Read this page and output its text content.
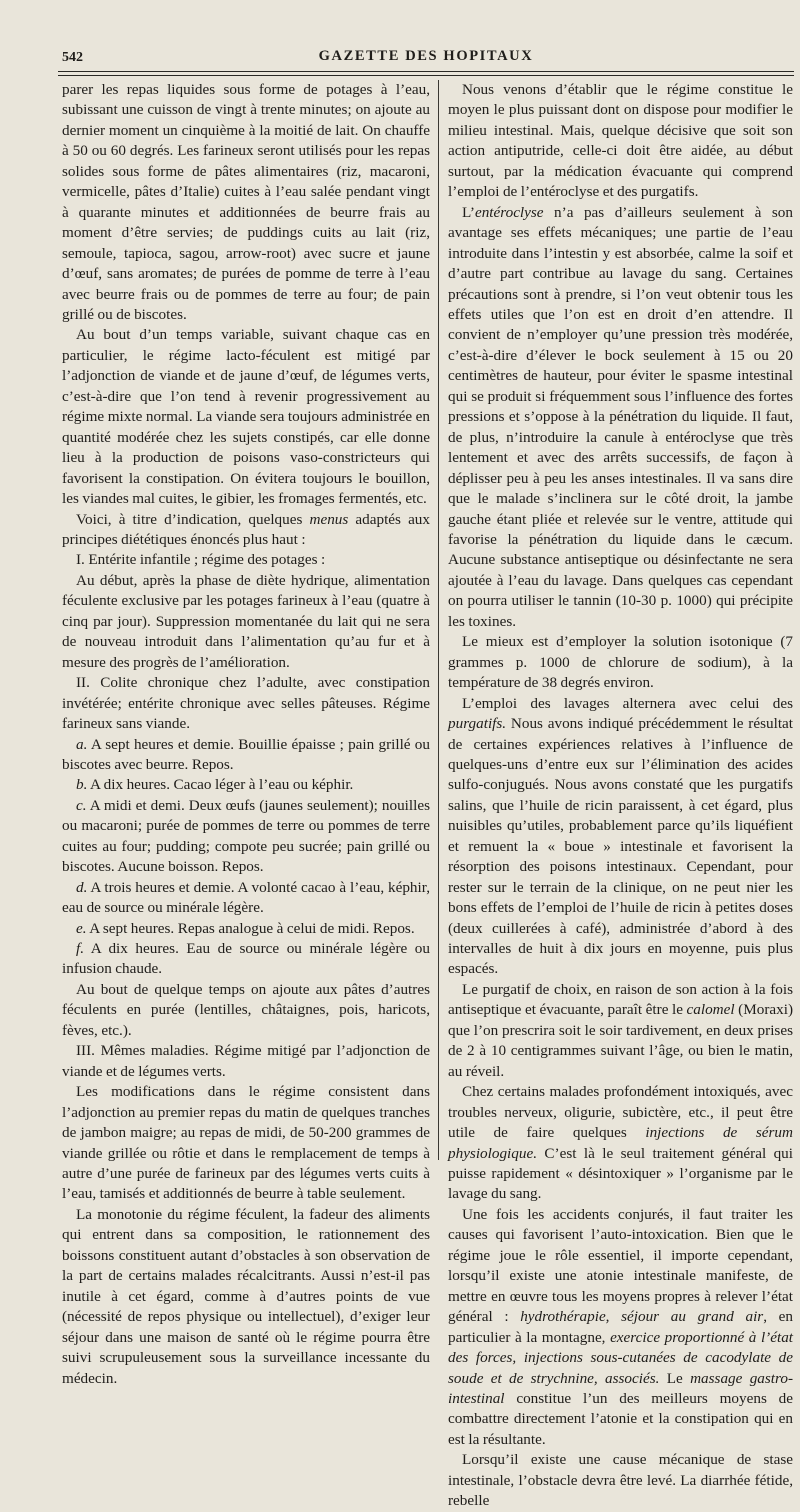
542	GAZETTE DES HOPITAUX

parer les repas liquides sous forme de potages à l’eau, subissant une cuisson de vingt à trente minutes; on ajoute au dernier moment un cinquième à la moitié de lait. On chauffe à 50 ou 60 degrés. Les farineux seront utilisés pour les repas solides sous forme de pâtes alimentaires (riz, macaroni, vermicelle, pâtes d’Italie) cuites à l’eau salée pendant vingt à quarante minutes et additionnées de beurre frais au moment d’être servies; de puddings cuits au lait (riz, semoule, tapioca, sagou, arrow-root) avec sucre et jaune d’œuf, sans aromates; de purées de pomme de terre à l’eau avec beurre frais ou de pommes de terre au four; de pain grillé ou de biscotes.

Au bout d’un temps variable, suivant chaque cas en particulier, le régime lacto-féculent est mitigé par l’adjonction de viande et de jaune d’œuf, de légumes verts, c’est-à-dire que l’on tend à revenir progressivement au régime mixte normal. La viande sera toujours administrée en quantité modérée chez les sujets constipés, car elle donne lieu à la production de poisons vaso-constricteurs qui favorisent la constipation. On évitera toujours le bouillon, les viandes mal cuites, le gibier, les fromages fermentés, etc.

Voici, à titre d’indication, quelques menus adaptés aux principes diététiques énoncés plus haut :

I. Entérite infantile ; régime des potages :

Au début, après la phase de diète hydrique, alimentation féculente exclusive par les potages farineux à l’eau (quatre à cinq par jour). Suppression momentanée du lait qui ne sera de nouveau introduit dans l’alimentation qu’au fur et à mesure des progrès de l’amélioration.

II. Colite chronique chez l’adulte, avec constipation invétérée; entérite chronique avec selles pâteuses. Régime farineux sans viande.

a. A sept heures et demie. Bouillie épaisse ; pain grillé ou biscotes avec beurre. Repos.

b. A dix heures. Cacao léger à l’eau ou képhir.

c. A midi et demi. Deux œufs (jaunes seulement); nouilles ou macaroni; purée de pommes de terre ou pommes de terre cuites au four; pudding; compote peu sucrée; pain grillé ou biscotes. Aucune boisson. Repos.

d. A trois heures et demie. A volonté cacao à l’eau, képhir, eau de source ou minérale légère.

e. A sept heures. Repas analogue à celui de midi. Repos.

f. A dix heures. Eau de source ou minérale légère ou infusion chaude.

Au bout de quelque temps on ajoute aux pâtes d’autres féculents en purée (lentilles, châtaignes, pois, haricots, fèves, etc.).

III. Mêmes maladies. Régime mitigé par l’adjonction de viande et de légumes verts.

Les modifications dans le régime consistent dans l’adjonction au premier repas du matin de quelques tranches de jambon maigre; au repas de midi, de 50-200 grammes de viande grillée ou rôtie et dans le remplacement de temps à autre d’une purée de farineux par des légumes verts cuits à l’eau, tamisés et additionnés de beurre à table seulement.

La monotonie du régime féculent, la fadeur des aliments qui entrent dans sa composition, le rationnement des boissons constituent autant d’obstacles à son observation de la part de certains malades récalcitrants. Aussi n’est-il pas inutile à cet égard, comme à d’autres points de vue (nécessité de repos physique ou intellectuel), d’exiger leur séjour dans une maison de santé où le régime pourra être suivi scrupuleusement sous la surveillance incessante du médecin.

Nous venons d’établir que le régime constitue le moyen le plus puissant dont on dispose pour modifier le milieu intestinal. Mais, quelque décisive que soit son action antiputride, celle-ci doit être aidée, au début surtout, par la médication évacuante qui comprend l’emploi de l’entéroclyse et des purgatifs.

L’entéroclyse n’a pas d’ailleurs seulement à son avantage ses effets mécaniques; une partie de l’eau introduite dans l’intestin y est absorbée, calme la soif et d’autre part contribue au lavage du sang. Certaines précautions sont à prendre, si l’on veut obtenir tous les effets utiles que l’on est en droit d’en attendre. Il convient de n’employer qu’une pression très modérée, c’est-à-dire d’élever le bock seulement à 15 ou 20 centimètres de hauteur, pour éviter le spasme intestinal qui se produit si fréquemment sous l’influence des fortes pressions et s’oppose à la pénétration du liquide. Il faut, de plus, n’introduire la canule à entéroclyse que très lentement et avec des arrêts successifs, de façon à déplisser peu à peu les anses intestinales. Il va sans dire que le malade s’inclinera sur le côté droit, la jambe gauche étant pliée et relevée sur le ventre, attitude qui favorise la pénétration du liquide dans le cæcum. Aucune substance antiseptique ou désinfectante ne sera ajoutée à l’eau du lavage. Dans quelques cas cependant on pourra utiliser le tannin (10-30 p. 1000) qui précipite les toxines.

Le mieux est d’employer la solution isotonique (7 grammes p. 1000 de chlorure de sodium), à la température de 38 degrés environ.

L’emploi des lavages alternera avec celui des purgatifs. Nous avons indiqué précédemment le résultat de certaines expériences relatives à l’influence de quelques-uns d’entre eux sur l’élimination des acides sulfo-conjugués. Nous avons constaté que les purgatifs salins, que l’huile de ricin paraissent, à cet égard, plus nuisibles qu’utiles, probablement parce qu’ils liquéfient et remuent la « boue » intestinale et favorisent la résorption des poisons intestinaux. Cependant, pour rester sur le terrain de la clinique, on ne peut nier les bons effets de l’emploi de l’huile de ricin à petites doses (deux cuillerées à café), administrée d’abord à des intervalles de huit à dix jours en moyenne, puis plus espacés.

Le purgatif de choix, en raison de son action à la fois antiseptique et évacuante, paraît être le calomel (Moraxi) que l’on prescrira soit le soir tardivement, en deux prises de 2 à 10 centigrammes suivant l’âge, ou bien le matin, au réveil.

Chez certains malades profondément intoxiqués, avec troubles nerveux, oligurie, subictère, etc., il peut être utile de faire quelques injections de sérum physiologique. C’est là le seul traitement général qui puisse rapidement « désintoxiquer » l’organisme par le lavage du sang.

Une fois les accidents conjurés, il faut traiter les causes qui favorisent l’auto-intoxication. Bien que le régime joue le rôle essentiel, il importe cependant, lorsqu’il existe une atonie intestinale manifeste, de mettre en œuvre tous les moyens propres à relever l’état général : hydrothérapie, séjour au grand air, en particulier à la montagne, exercice proportionné à l’état des forces, injections sous-cutanées de cacodylate de soude et de strychnine, associés. Le massage gastro-intestinal constitue l’un des meilleurs moyens de combattre directement l’atonie et la constipation qui en est la résultante.

Lorsqu’il existe une cause mécanique de stase intestinale, l’obstacle devra être levé. La diarrhée fétide, rebelle
